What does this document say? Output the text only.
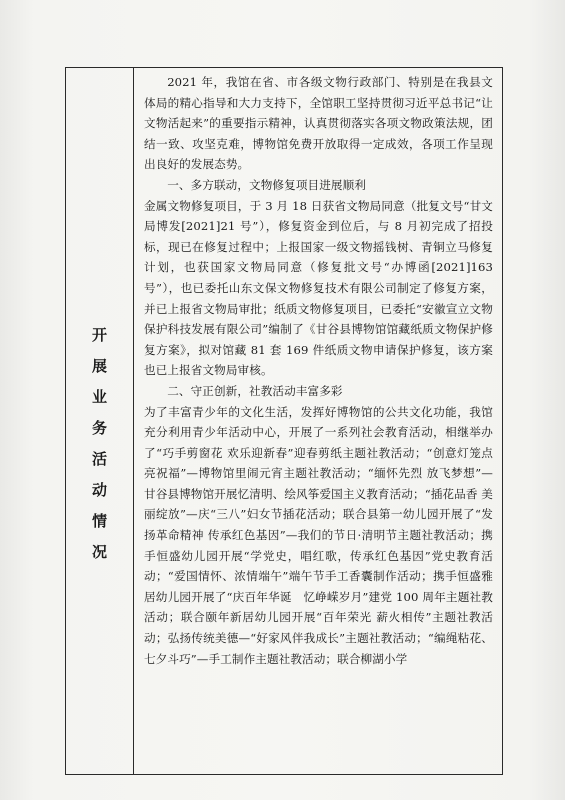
开
展
业
务
活
动
情
况

2021 年，我馆在省、市各级文物行政部门、特别是在我县文体局的精心指导和大力支持下，全馆职工坚持贯彻习近平总书记“让文物活起来”的重要指示精神，认真贯彻落实各项文物政策法规，团结一致、攻坚克难，博物馆免费开放取得一定成效，各项工作呈现出良好的发展态势。

一、多方联动，文物修复项目进展顺利

金属文物修复项目，于 3 月 18 日获省文物局同意（批复文号“甘文局博发[2021]21 号”），修复资金到位后，与 8 月初完成了招投标，现已在修复过程中；上报国家一级文物摇钱树、青铜立马修复计划，也获国家文物局同意（修复批文号“办博函[2021]163 号”），也已委托山东文保文物修复技术有限公司制定了修复方案，并已上报省文物局审批；纸质文物修复项目，已委托“安徽宣立文物保护科技发展有限公司”编制了《甘谷县博物馆馆藏纸质文物保护修复方案》，拟对馆藏 81 套 169 件纸质文物申请保护修复，该方案也已上报省文物局审核。

二、守正创新，社教活动丰富多彩

为了丰富青少年的文化生活，发挥好博物馆的公共文化功能，我馆充分利用青少年活动中心，开展了一系列社会教育活动，相继举办了“巧手剪窗花 欢乐迎新春”迎春剪纸主题社教活动；“创意灯笼点亮祝福”—博物馆里闹元宵主题社教活动；“缅怀先烈 放飞梦想”—甘谷县博物馆开展忆清明、绘风筝爱国主义教育活动；“插花品香 美丽绽放”—庆“三八”妇女节插花活动；联合县第一幼儿园开展了“发扬革命精神 传承红色基因”—我们的节日·清明节主题社教活动；携手恒盛幼儿园开展“学党史，唱红歌，传承红色基因”党史教育活动；“爱国情怀、浓情端午”端午节手工香囊制作活动；携手恒盛雅居幼儿园开展了“庆百年华诞　忆峥嵘岁月”建党 100 周年主题社教活动；联合颐年新居幼儿园开展“百年荣光 薪火相传”主题社教活动；弘扬传统美德—“好家风伴我成长”主题社教活动；“编绳粘花、七夕斗巧”—手工制作主题社教活动；联合柳湖小学
